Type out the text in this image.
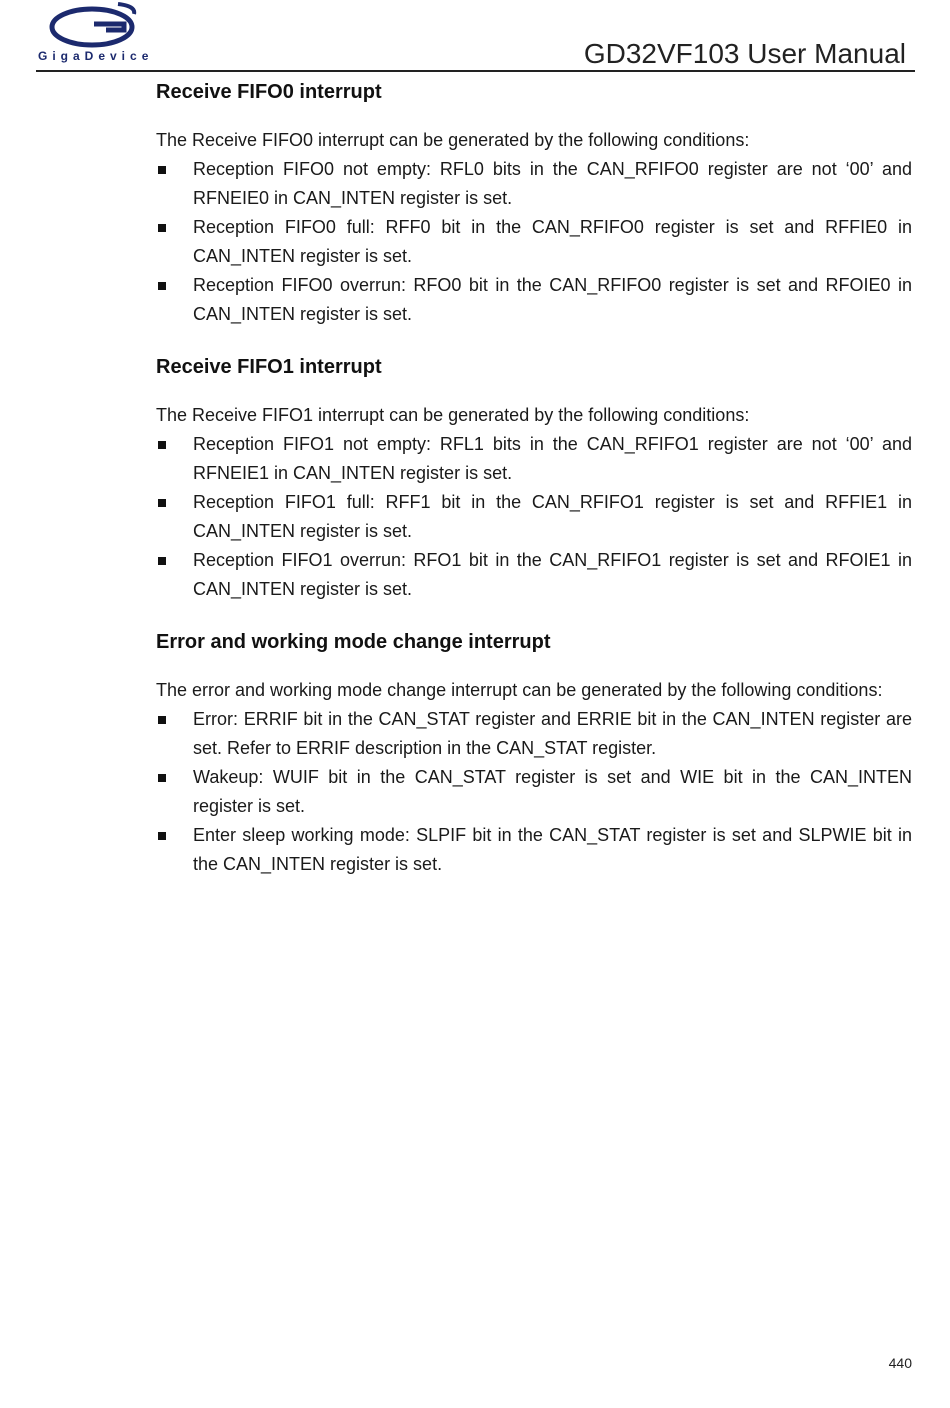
GigaDevice	GD32VF103 User Manual
Receive FIFO0 interrupt

The Receive FIFO0 interrupt can be generated by the following conditions:

Reception FIFO0 not empty: RFL0 bits in the CAN_RFIFO0 register are not ‘00’ and RFNEIE0 in CAN_INTEN register is set.
Reception FIFO0 full: RFF0 bit in the CAN_RFIFO0 register is set and RFFIE0 in CAN_INTEN register is set.
Reception FIFO0 overrun: RFO0 bit in the CAN_RFIFO0 register is set and RFOIE0 in CAN_INTEN register is set.
Receive FIFO1 interrupt

The Receive FIFO1 interrupt can be generated by the following conditions:

Reception FIFO1 not empty: RFL1 bits in the CAN_RFIFO1 register are not ‘00’ and RFNEIE1 in CAN_INTEN register is set.
Reception FIFO1 full: RFF1 bit in the CAN_RFIFO1 register is set and RFFIE1 in CAN_INTEN register is set.
Reception FIFO1 overrun: RFO1 bit in the CAN_RFIFO1 register is set and RFOIE1 in CAN_INTEN register is set.
Error and working mode change interrupt

The error and working mode change interrupt can be generated by the following conditions:

Error: ERRIF bit in the CAN_STAT register and ERRIE bit in the CAN_INTEN register are set. Refer to ERRIF description in the CAN_STAT register.
Wakeup: WUIF bit in the CAN_STAT register is set and WIE bit in the CAN_INTEN register is set.
Enter sleep working mode: SLPIF bit in the CAN_STAT register is set and SLPWIE bit in the CAN_INTEN register is set.
440
